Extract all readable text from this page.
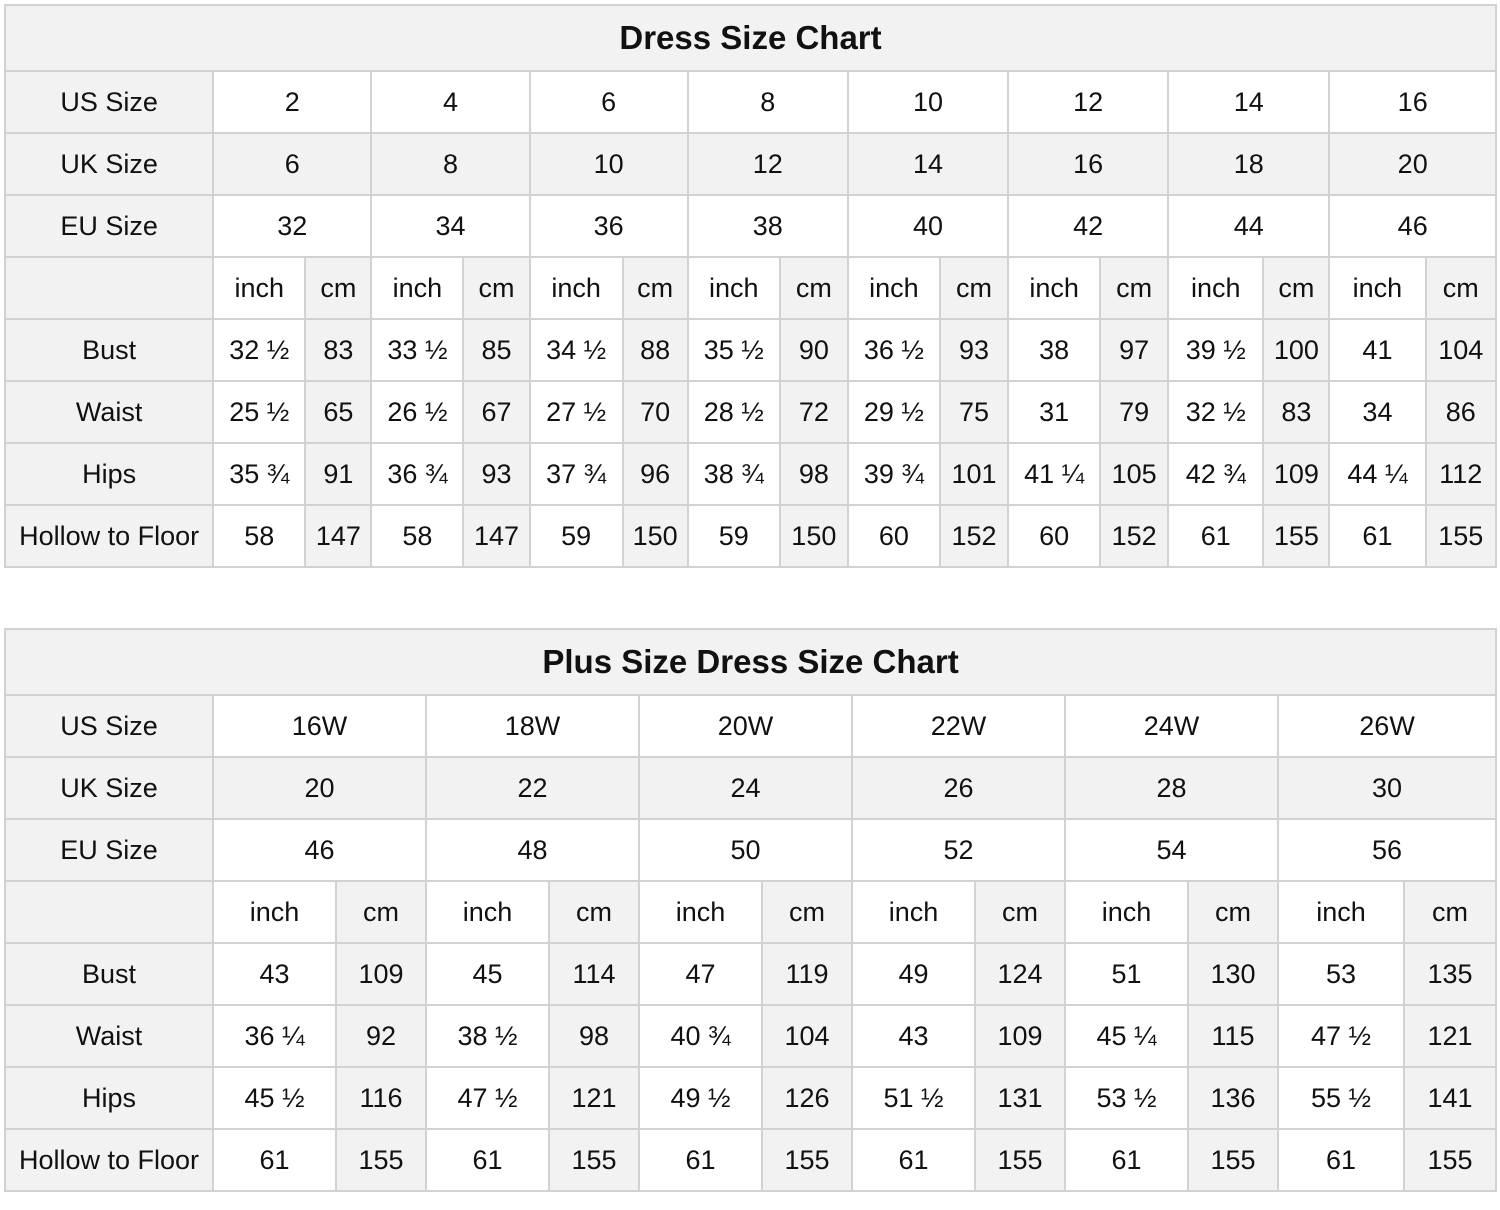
Dress Size Chart																
US Size	2		4		6		8		10		12		14		16	
UK Size	6		8		10		12		14		16		18		20	
EU Size	32		34		36		38		40		42		44		46	
	inch	cm	inch	cm	inch	cm	inch	cm	inch	cm	inch	cm	inch	cm	inch	cm
Bust	32 ½	83	33 ½	85	34 ½	88	35 ½	90	36 ½	93	38	97	39 ½	100	41	104
Waist	25 ½	65	26 ½	67	27 ½	70	28 ½	72	29 ½	75	31	79	32 ½	83	34	86
Hips	35 ¾	91	36 ¾	93	37 ¾	96	38 ¾	98	39 ¾	101	41 ¼	105	42 ¾	109	44 ¼	112
Hollow to Floor	58	147	58	147	59	150	59	150	60	152	60	152	61	155	61	155
Plus Size Dress Size Chart												
US Size	16W		18W		20W		22W		24W		26W	
UK Size	20		22		24		26		28		30	
EU Size	46		48		50		52		54		56	
	inch	cm	inch	cm	inch	cm	inch	cm	inch	cm	inch	cm
Bust	43	109	45	114	47	119	49	124	51	130	53	135
Waist	36 ¼	92	38 ½	98	40 ¾	104	43	109	45 ¼	115	47 ½	121
Hips	45 ½	116	47 ½	121	49 ½	126	51 ½	131	53 ½	136	55 ½	141
Hollow to Floor	61	155	61	155	61	155	61	155	61	155	61	155
